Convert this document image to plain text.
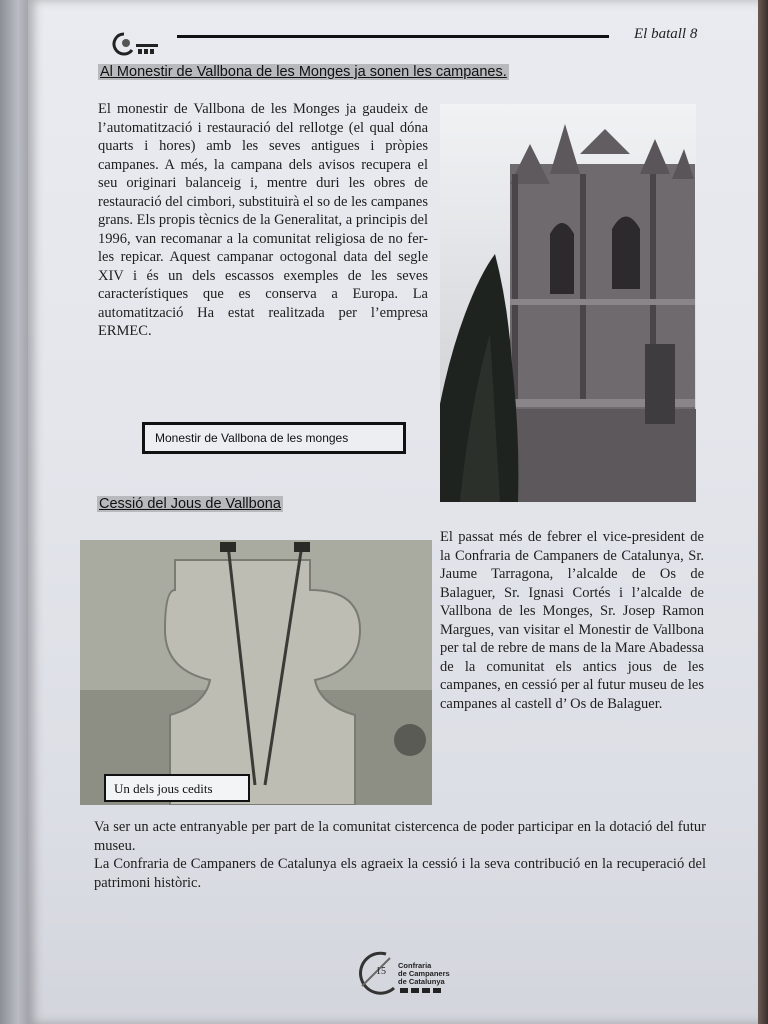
El batall 8
Al Monestir de Vallbona de les Monges ja sonen les campanes.
El monestir de Vallbona de les Monges ja gaudeix de l’automatització i restauració del rellotge (el qual dóna quarts i hores) amb les seves antigues i pròpies campanes. A més, la campana dels avisos recupera el seu originari balanceig i, mentre duri les obres de restauració del cimbori, substituirà el so de les campanes grans. Els propis tècnics de la Generalitat, a principis del 1996, van recomanar a la comunitat religiosa de no fer-les repicar. Aquest campanar octogonal data del segle XIV i és un dels escassos exemples de les seves característiques que es conserva a Europa. La automatització Ha estat realitzada per l’empresa ERMEC.
Monestir de Vallbona de les monges
Cessió del Jous de Vallbona
Un dels jous cedits
El passat més de febrer el vice-president de la Confraria de Campaners de Catalunya, Sr. Jaume Tarragona, l’alcalde de Os de Balaguer, Sr. Ignasi Cortés i l’alcalde de Vallbona de les Monges, Sr. Josep Ramon Margues, van visitar el Monestir de Vallbona per tal de rebre de mans de la Mare Abadessa de la comunitat els antics jous de les campanes, en cessió per al futur museu de les campanes al castell d’ Os de Balaguer.

Va ser un acte entranyable per part de la comunitat cistercenca de poder participar en la dotació del futur museu.

La Confraria de Campaners de Catalunya els agraeix la cessió i la seva contribució en la recuperació del patrimoni històric.

15
Confraria
de Campaners
de Catalunya
